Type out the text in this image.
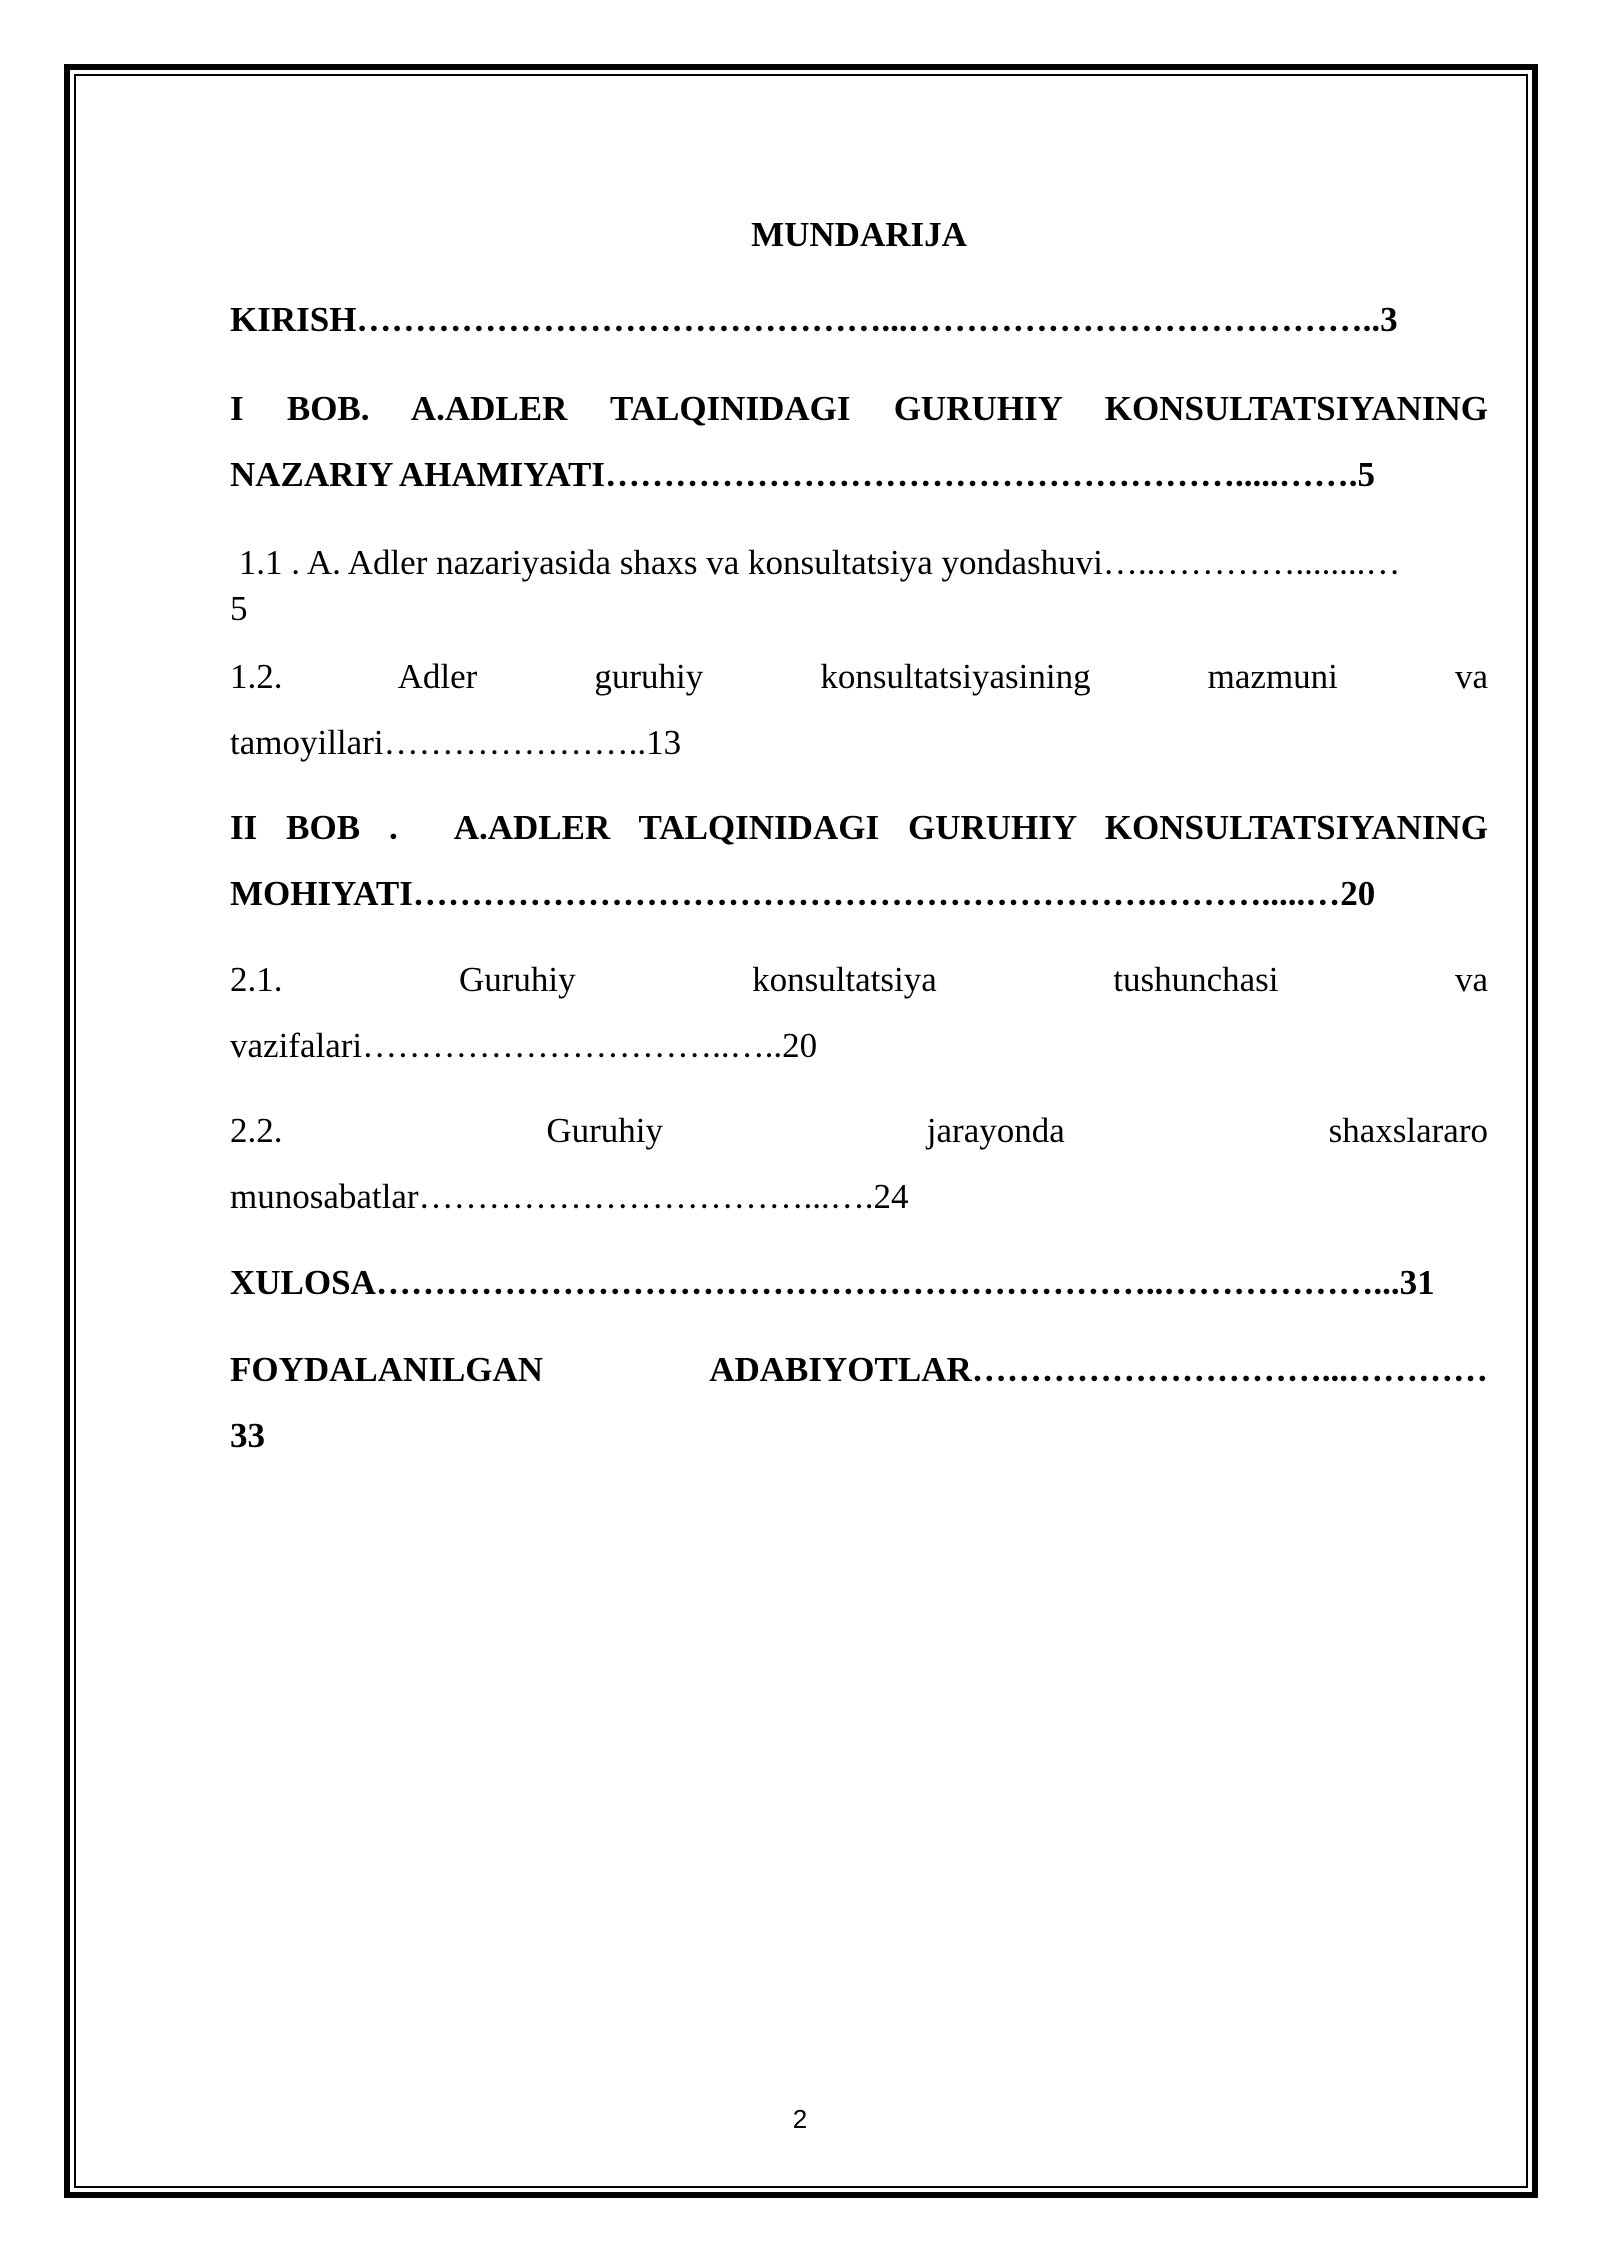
MUNDARIJA

KIRISH………………………………………...…………………………………..3

I BOB. A.ADLER TALQINIDAGI GURUHIY KONSULTATSIYANING
NAZARIY AHAMIYATI……………………………………………….....…….5

1.1 . A. Adler nazariyasida shaxs va konsultatsiya yondashuvi…..…………........…
5

1.2. Adler guruhiy konsultatsiyasining mazmuni va
tamoyillari…………………..13

II BOB .  A.ADLER TALQINIDAGI GURUHIY KONSULTATSIYANING
MOHIYATI……………………………………………………….……….....…20

2.1. Guruhiy konsultatsiya tushunchasi va
vazifalari…………………………..…..20

2.2. Guruhiy jarayonda shaxslararo
munosabatlar……………………………...….24

XULOSA…………………………………………………………..………………...31

FOYDALANILGAN ADABIYOTLAR…………………………...…………
33

2
